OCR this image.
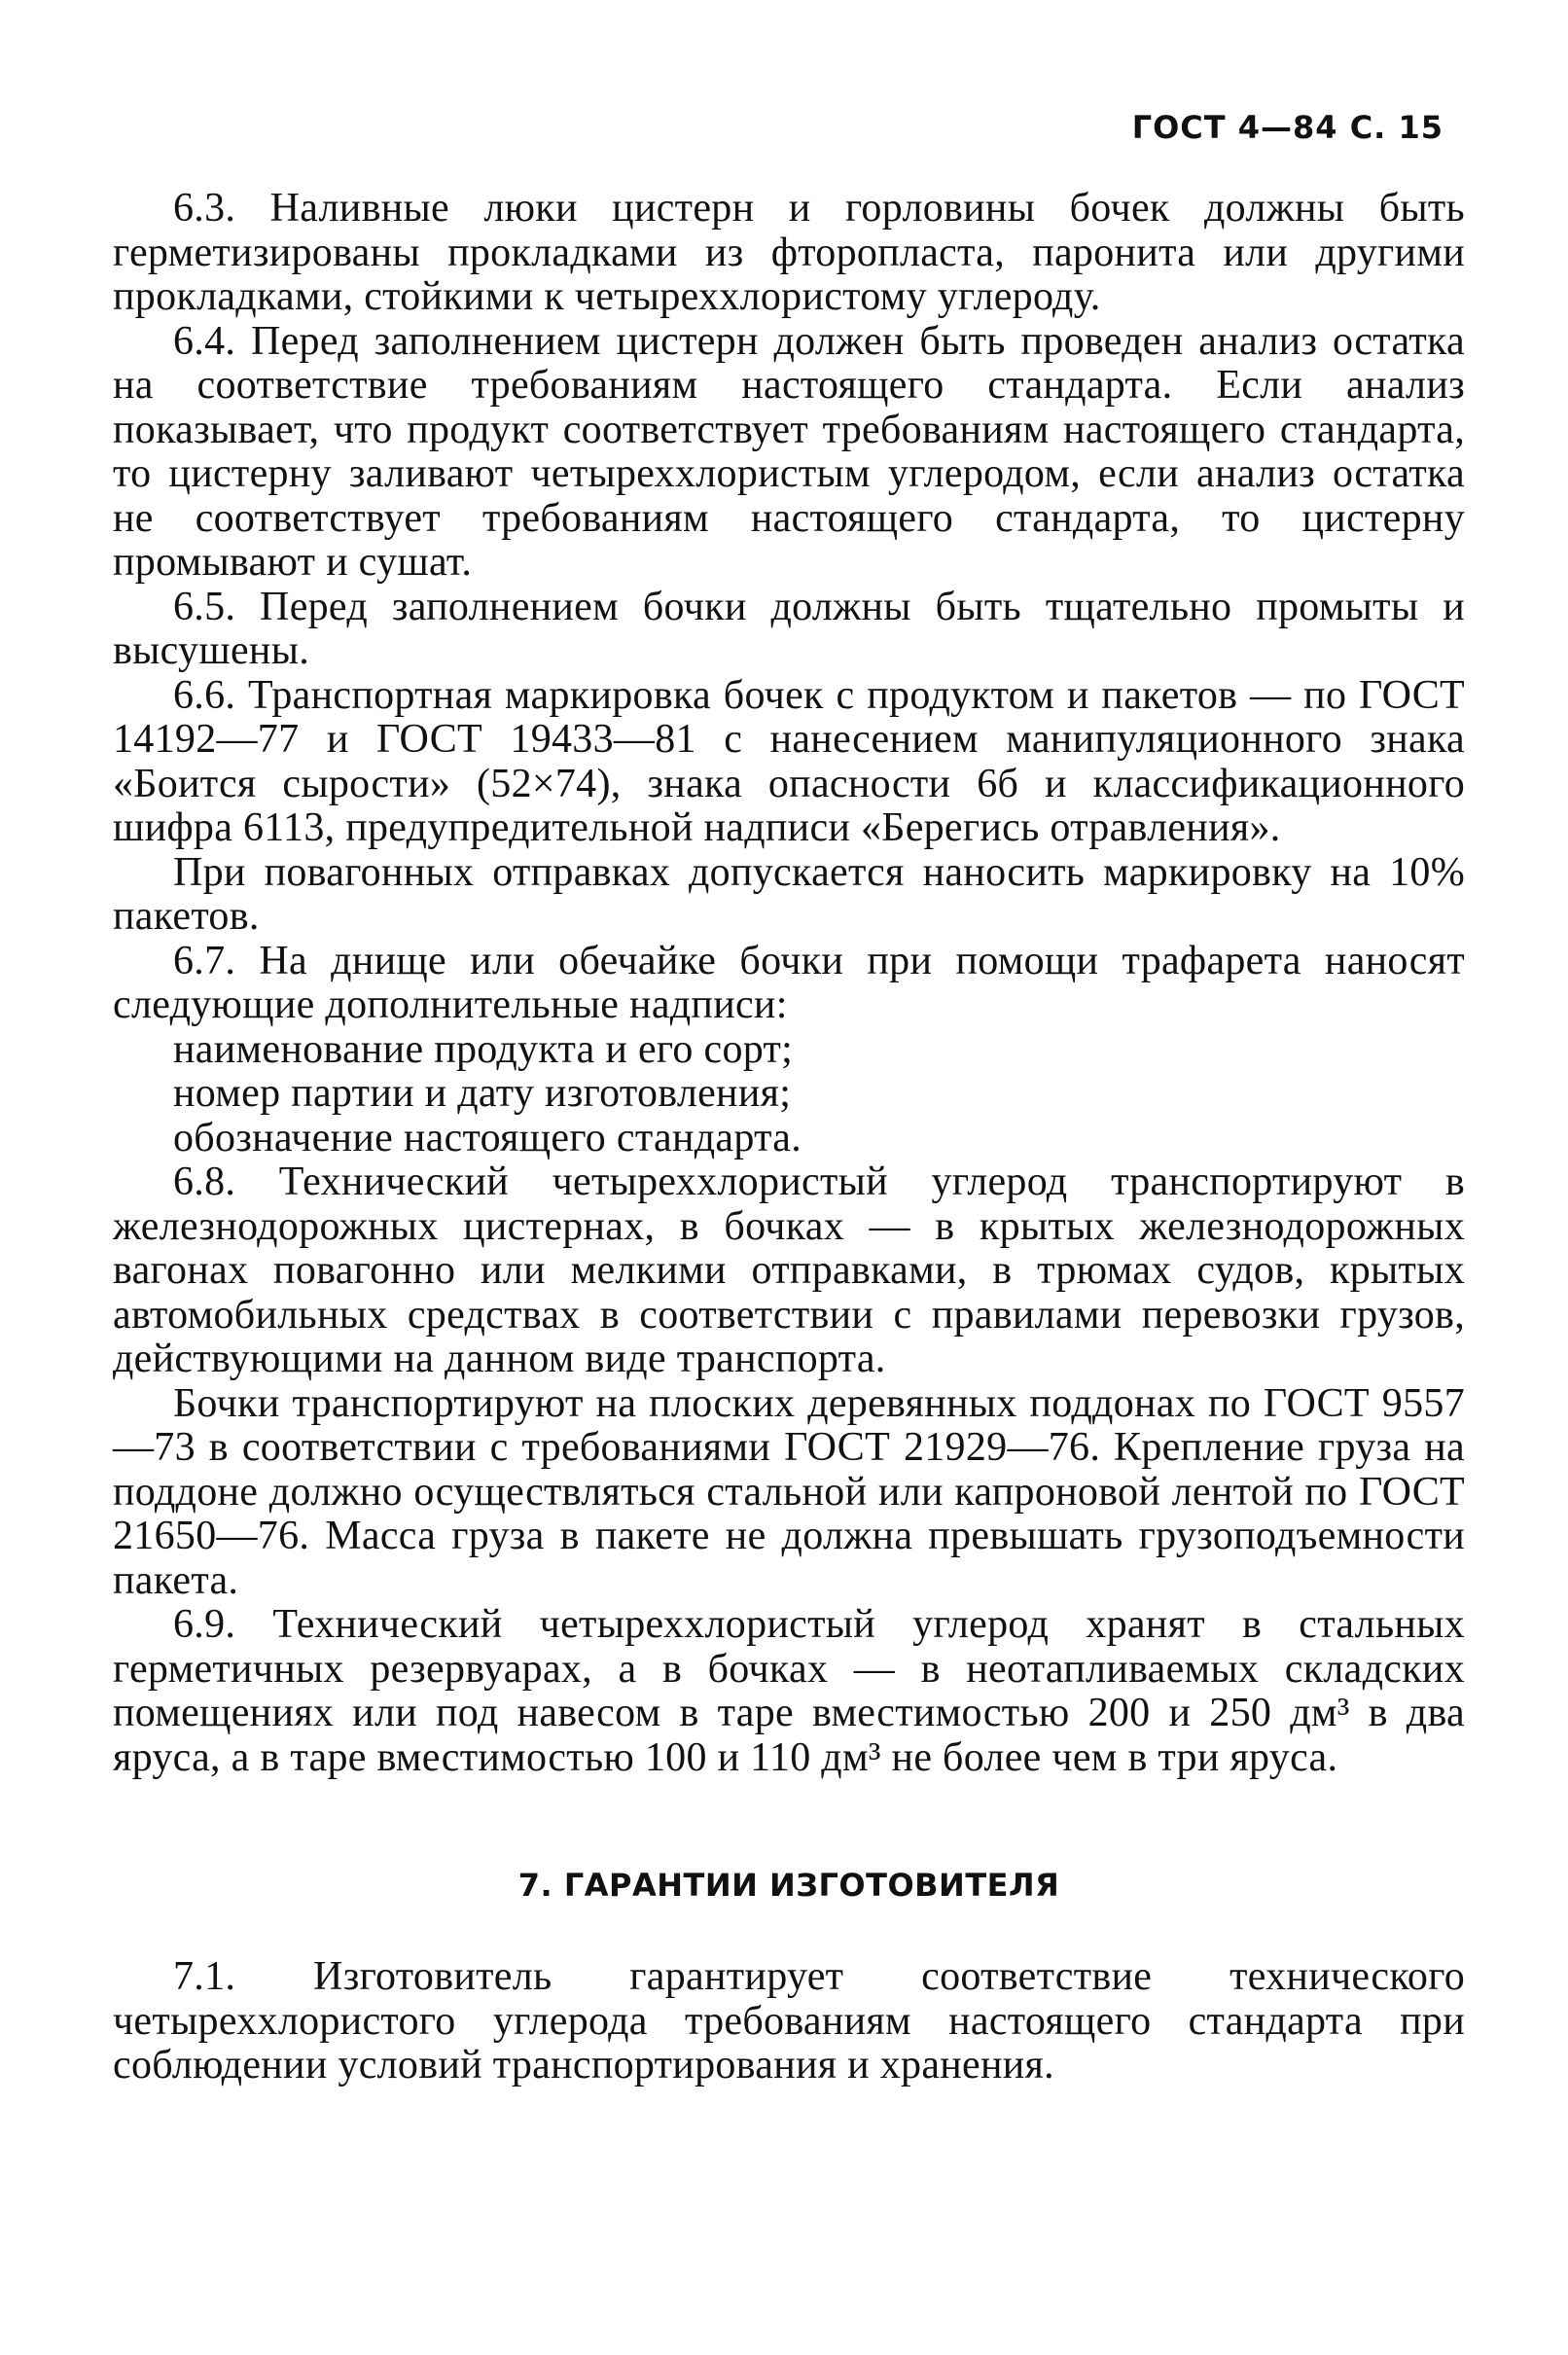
ГОСТ 4—84 С. 15

6.3. Наливные люки цистерн и горловины бочек должны быть герметизированы прокладками из фторопласта, паронита или другими прокладками, стойкими к четыреххлористому углероду.

6.4. Перед заполнением цистерн должен быть проведен анализ остатка на соответствие требованиям настоящего стандарта. Если анализ показывает, что продукт соответствует требованиям настоящего стандарта, то цистерну заливают четыреххлористым углеродом, если анализ остатка не соответствует требованиям настоящего стандарта, то цистерну промывают и сушат.

6.5. Перед заполнением бочки должны быть тщательно промыты и высушены.

6.6. Транспортная маркировка бочек с продуктом и пакетов — по ГОСТ 14192—77 и ГОСТ 19433—81 с нанесением манипуляционного знака «Боится сырости» (52×74), знака опасности 6б и классификационного шифра 6113, предупредительной надписи «Берегись отравления».

При повагонных отправках допускается наносить маркировку на 10% пакетов.

6.7. На днище или обечайке бочки при помощи трафарета наносят следующие дополнительные надписи:

наименование продукта и его сорт;
номер партии и дату изготовления;
обозначение настоящего стандарта.

6.8. Технический четыреххлористый углерод транспортируют в железнодорожных цистернах, в бочках — в крытых железнодорожных вагонах повагонно или мелкими отправками, в трюмах судов, крытых автомобильных средствах в соответствии с правилами перевозки грузов, действующими на данном виде транспорта.

Бочки транспортируют на плоских деревянных поддонах по ГОСТ 9557—73 в соответствии с требованиями ГОСТ 21929—76. Крепление груза на поддоне должно осуществляться стальной или капроновой лентой по ГОСТ 21650—76. Масса груза в пакете не должна превышать грузоподъемности пакета.

6.9. Технический четыреххлористый углерод хранят в стальных герметичных резервуарах, а в бочках — в неотапливаемых складских помещениях или под навесом в таре вместимостью 200 и 250 дм³ в два яруса, а в таре вместимостью 100 и 110 дм³ не более чем в три яруса.

7. ГАРАНТИИ ИЗГОТОВИТЕЛЯ

7.1. Изготовитель гарантирует соответствие технического четыреххлористого углерода требованиям настоящего стандарта при соблюдении условий транспортирования и хранения.
